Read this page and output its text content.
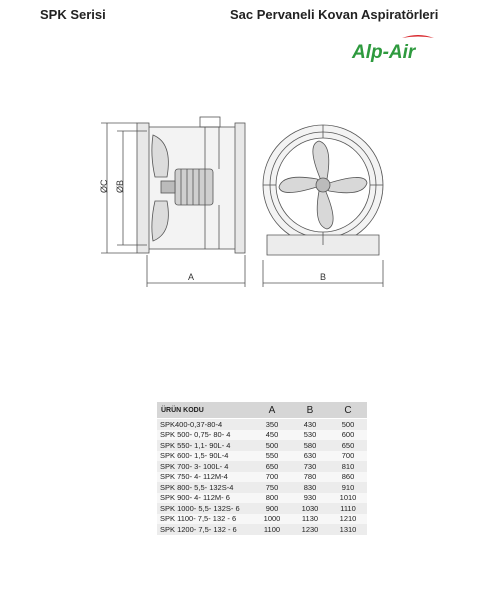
SPK Serisi	Sac Pervaneli Kovan Aspiratörleri
Alp-Air
ØC ØB
A	B
ÜRÜN KODU	A	B	C
SPK400-0,37-80-4	350	430	500
SPK 500- 0,75- 80- 4	450	530	600
SPK 550- 1,1- 90L- 4	500	580	650
SPK 600- 1,5- 90L-4	550	630	700
SPK 700- 3- 100L- 4	650	730	810
SPK 750- 4- 112M-4	700	780	860
SPK 800- 5,5- 132S-4	750	830	910
SPK 900- 4- 112M- 6	800	930	1010
SPK 1000- 5,5- 132S- 6	900	1030	1110
SPK 1100- 7,5- 132 - 6	1000	1130	1210
SPK 1200- 7,5- 132 - 6	1100	1230	1310
